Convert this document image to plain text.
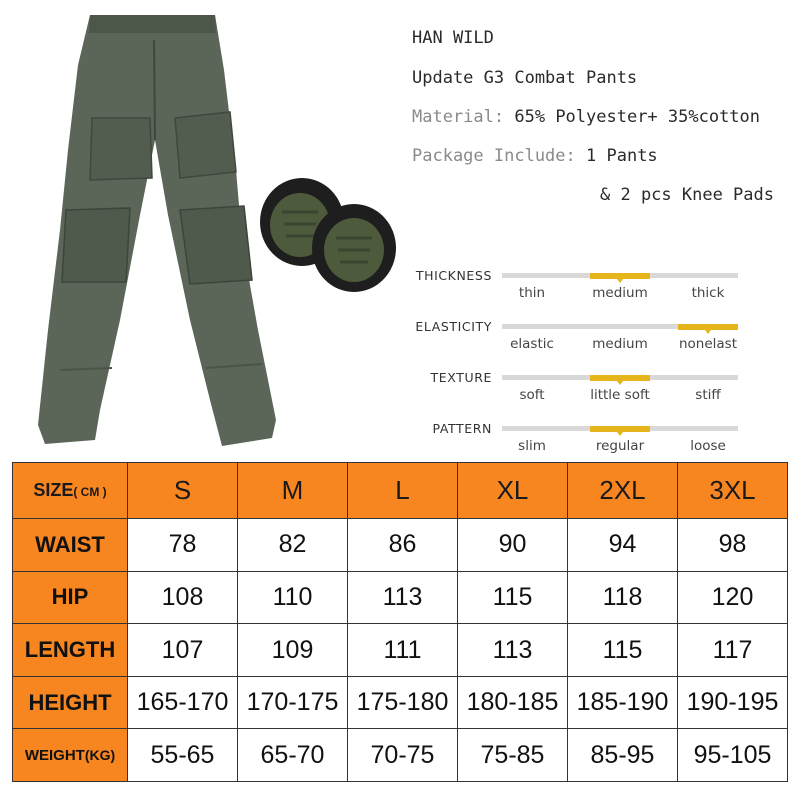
HAN WILD
Update G3 Combat Pants
Material: 65% Polyester+ 35%cotton
Package Include: 1 Pants
& 2 pcs Knee Pads
THICKNESS
thin	medium	thick
ELASTICITY
elastic	medium	nonelast
TEXTURE
soft	little soft	stiff
PATTERN
slim	regular	loose
SIZE( CM )	S	M	L	XL	2XL	3XL
WAIST	78	82	86	90	94	98
HIP	108	110	113	115	118	120
LENGTH	107	109	111	113	115	117
HEIGHT	165-170	170-175	175-180	180-185	185-190	190-195
WEIGHT(KG)	55-65	65-70	70-75	75-85	85-95	95-105
